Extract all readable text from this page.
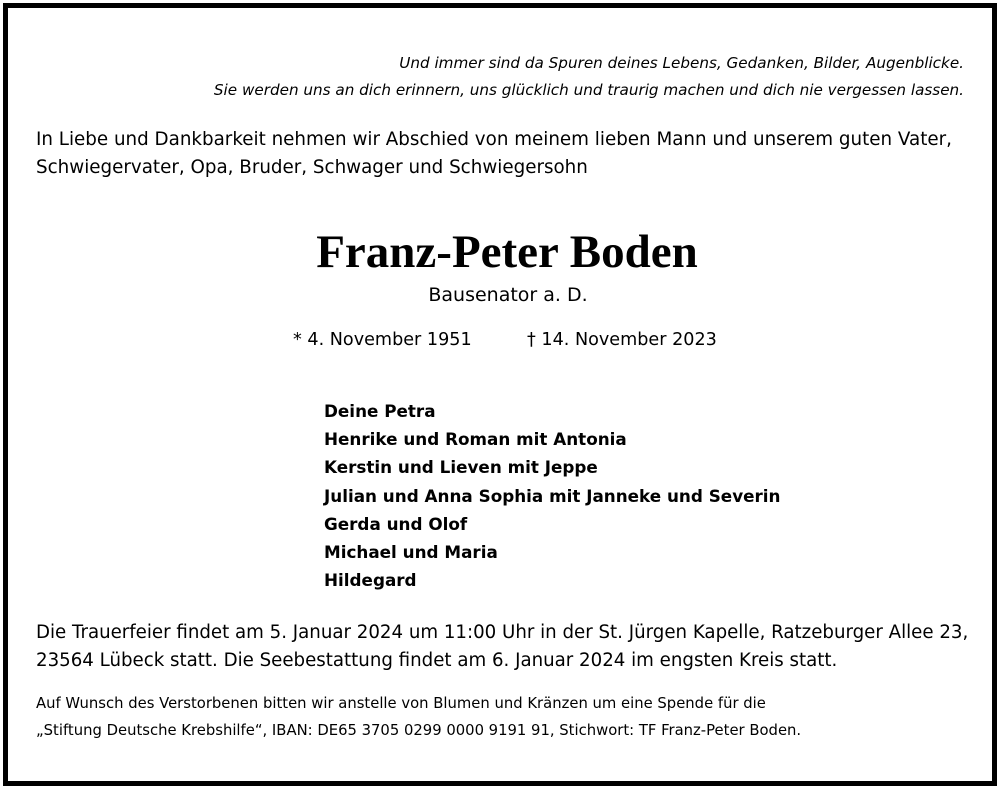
Und immer sind da Spuren deines Lebens, Gedanken, Bilder, Augenblicke.
Sie werden uns an dich erinnern, uns glücklich und traurig machen und dich nie vergessen lassen.
In Liebe und Dankbarkeit nehmen wir Abschied von meinem lieben Mann und unserem guten Vater,
Schwiegervater, Opa, Bruder, Schwager und Schwiegersohn
Franz-Peter Boden
Bausenator a. D.
* 4. November 1951	† 14. November 2023
Deine Petra
Henrike und Roman mit Antonia
Kerstin und Lieven mit Jeppe
Julian und Anna Sophia mit Janneke und Severin
Gerda und Olof
Michael und Maria
Hildegard
Die Trauerfeier findet am 5. Januar 2024 um 11:00 Uhr in der St. Jürgen Kapelle, Ratzeburger Allee 23,
23564 Lübeck statt. Die Seebestattung findet am 6. Januar 2024 im engsten Kreis statt.
Auf Wunsch des Verstorbenen bitten wir anstelle von Blumen und Kränzen um eine Spende für die
„Stiftung Deutsche Krebshilfe“, IBAN: DE65 3705 0299 0000 9191 91, Stichwort: TF Franz-Peter Boden.
